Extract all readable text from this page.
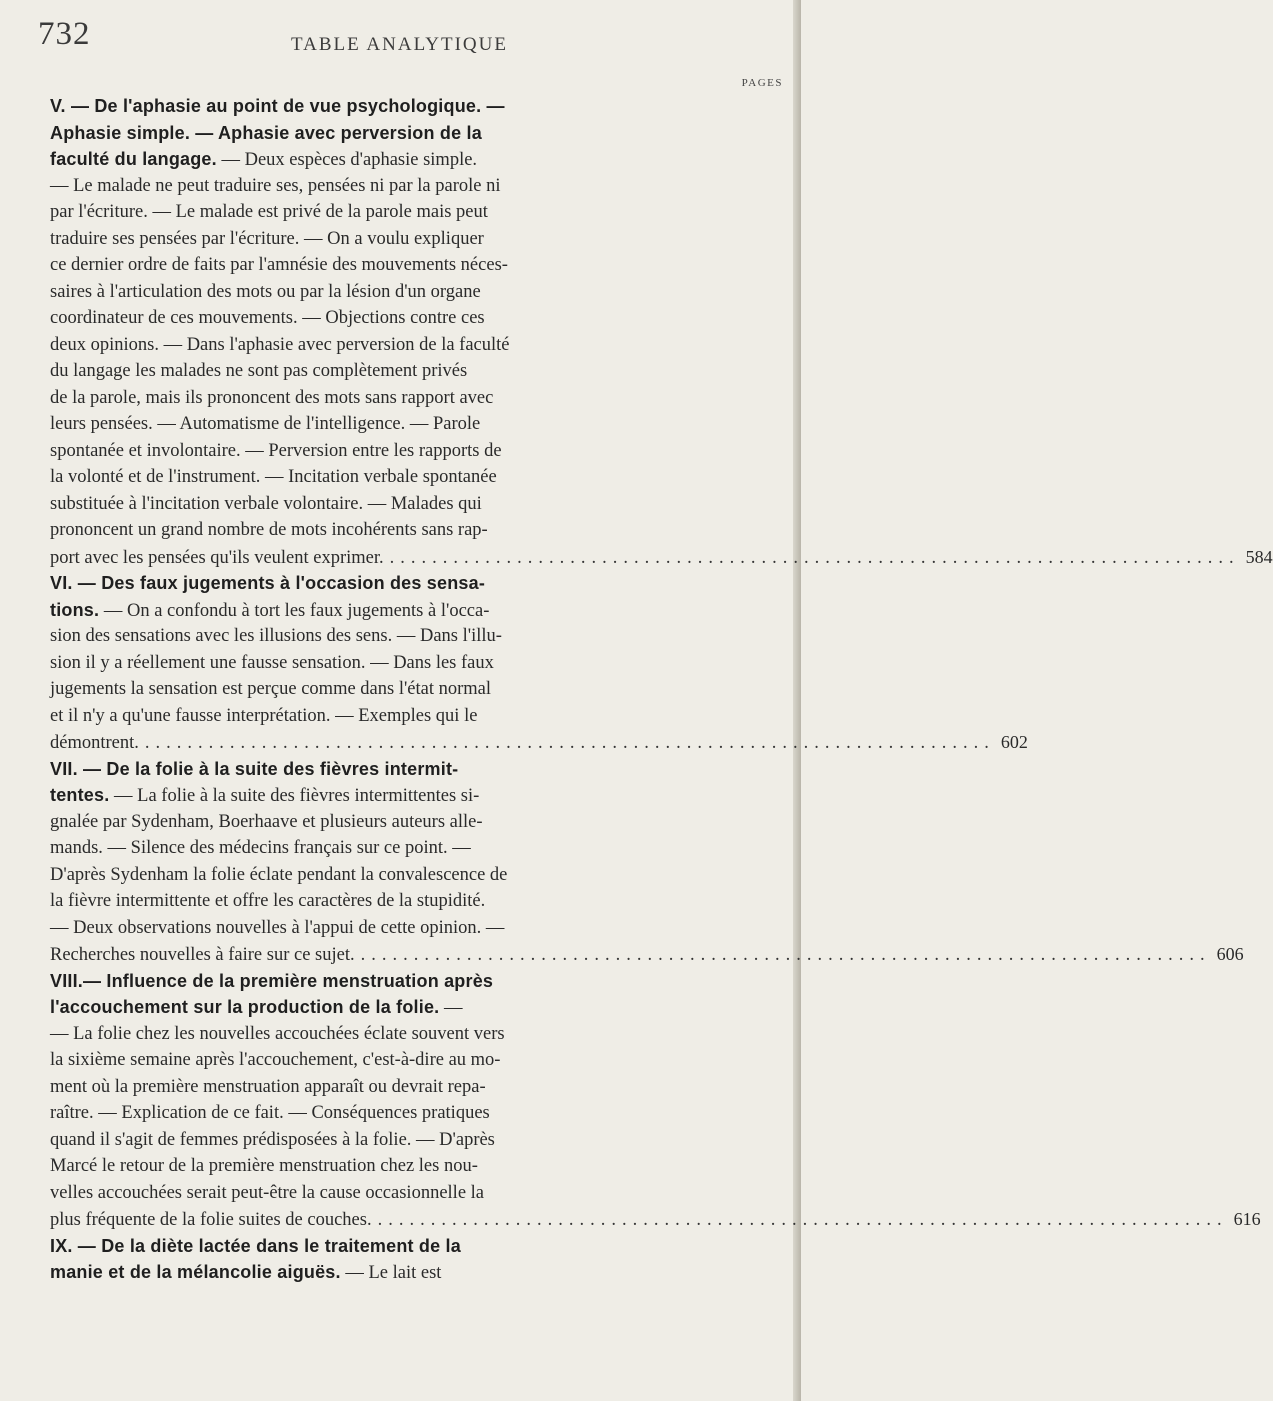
732	TABLE ANALYTIQUE
PAGES
V. — De l'aphasie au point de vue psychologique. —
Aphasie simple. — Aphasie avec perversion de la
faculté du langage. — Deux espèces d'aphasie simple.
— Le malade ne peut traduire ses, pensées ni par la parole ni
par l'écriture. — Le malade est privé de la parole mais peut
traduire ses pensées par l'écriture. — On a voulu expliquer
ce dernier ordre de faits par l'amnésie des mouvements néces-
saires à l'articulation des mots ou par la lésion d'un organe
coordinateur de ces mouvements. — Objections contre ces
deux opinions. — Dans l'aphasie avec perversion de la faculté
du langage les malades ne sont pas complètement privés
de la parole, mais ils prononcent des mots sans rapport avec
leurs pensées. — Automatisme de l'intelligence. — Parole
spontanée et involontaire. — Perversion entre les rapports de
la volonté et de l'instrument. — Incitation verbale spontanée
substituée à l'incitation verbale volontaire. — Malades qui
prononcent un grand nombre de mots incohérents sans rap-
port avec les pensées qu'ils veulent exprimer. ................................................................................ 584
VI. — Des faux jugements à l'occasion des sensa-
tions. — On a confondu à tort les faux jugements à l'occa-
sion des sensations avec les illusions des sens. — Dans l'illu-
sion il y a réellement une fausse sensation. — Dans les faux
jugements la sensation est perçue comme dans l'état normal
et il n'y a qu'une fausse interprétation. — Exemples qui le
démontrent. ................................................................................ 602
VII. — De la folie à la suite des fièvres intermit-
tentes. — La folie à la suite des fièvres intermittentes si-
gnalée par Sydenham, Boerhaave et plusieurs auteurs alle-
mands. — Silence des médecins français sur ce point. —
D'après Sydenham la folie éclate pendant la convalescence de
la fièvre intermittente et offre les caractères de la stupidité.
— Deux observations nouvelles à l'appui de cette opinion. —
Recherches nouvelles à faire sur ce sujet. ................................................................................ 606
VIII.— Influence de la première menstruation après
l'accouchement sur la production de la folie. —
— La folie chez les nouvelles accouchées éclate souvent vers
la sixième semaine après l'accouchement, c'est-à-dire au mo-
ment où la première menstruation apparaît ou devrait repa-
raître. — Explication de ce fait. — Conséquences pratiques
quand il s'agit de femmes prédisposées à la folie. — D'après
Marcé le retour de la première menstruation chez les nou-
velles accouchées serait peut-être la cause occasionnelle la
plus fréquente de la folie suites de couches. ................................................................................ 616
IX. — De la diète lactée dans le traitement de la
manie et de la mélancolie aiguës. — Le lait est
